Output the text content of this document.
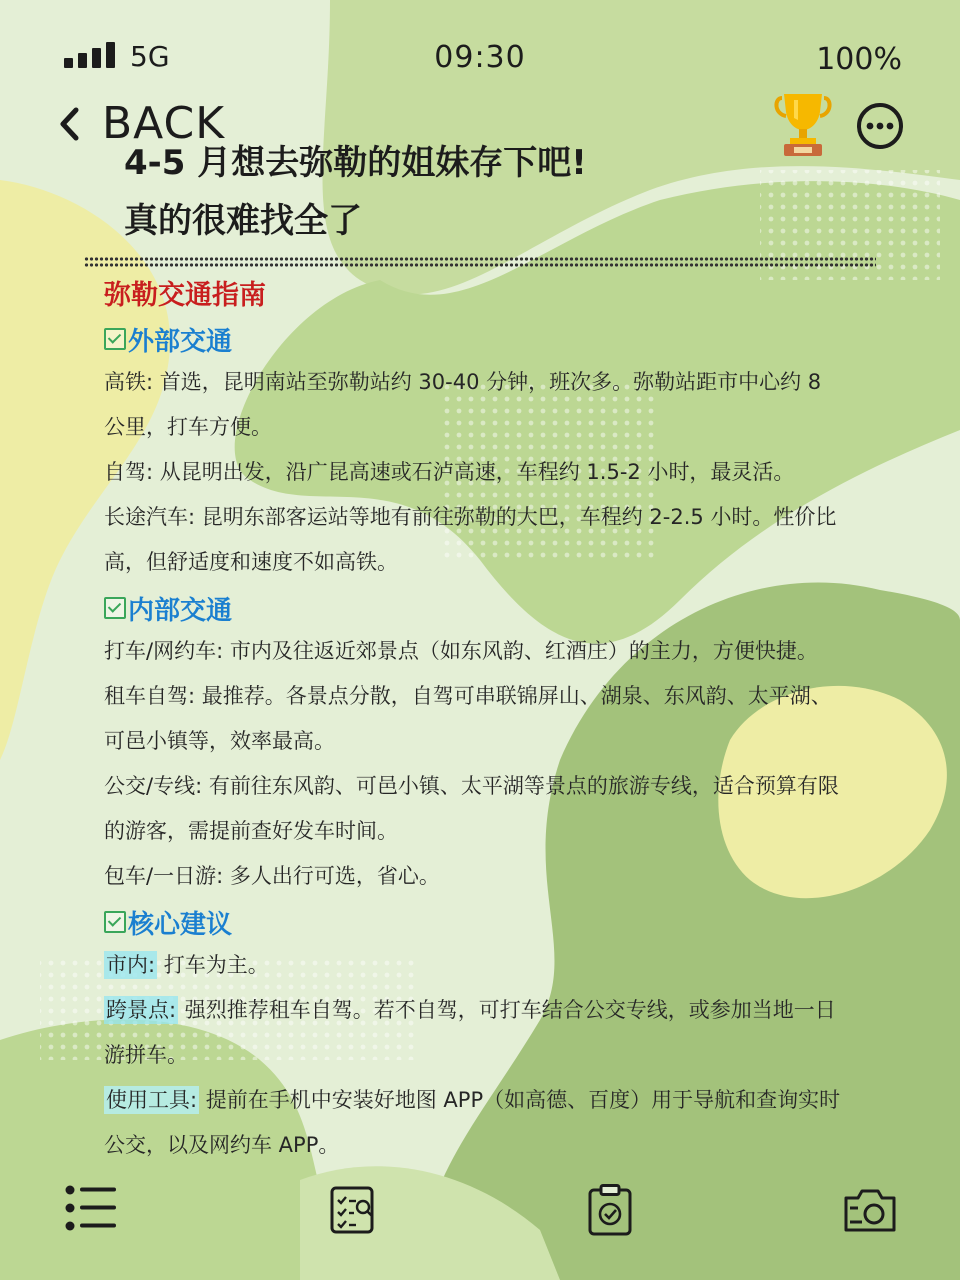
5G	09:30	100%
BACK
4-5 月想去弥勒的姐妹存下吧!
真的很难找全了
弥勒交通指南
外部交通

高铁: 首选，昆明南站至弥勒站约 30-40 分钟，班次多。弥勒站距市中心约 8
公里，打车方便。

自驾: 从昆明出发，沿广昆高速或石泸高速，车程约 1.5-2 小时，最灵活。

长途汽车: 昆明东部客运站等地有前往弥勒的大巴，车程约 2-2.5 小时。性价比
高，但舒适度和速度不如高铁。

内部交通

打车/网约车: 市内及往返近郊景点（如东风韵、红酒庄）的主力，方便快捷。

租车自驾: 最推荐。各景点分散，自驾可串联锦屏山、湖泉、东风韵、太平湖、
可邑小镇等，效率最高。

公交/专线: 有前往东风韵、可邑小镇、太平湖等景点的旅游专线，适合预算有限
的游客，需提前查好发车时间。

包车/一日游: 多人出行可选，省心。

核心建议

市内: 打车为主。

跨景点: 强烈推荐租车自驾。若不自驾，可打车结合公交专线，或参加当地一日
游拼车。

使用工具: 提前在手机中安装好地图 APP（如高德、百度）用于导航和查询实时
公交，以及网约车 APP。
